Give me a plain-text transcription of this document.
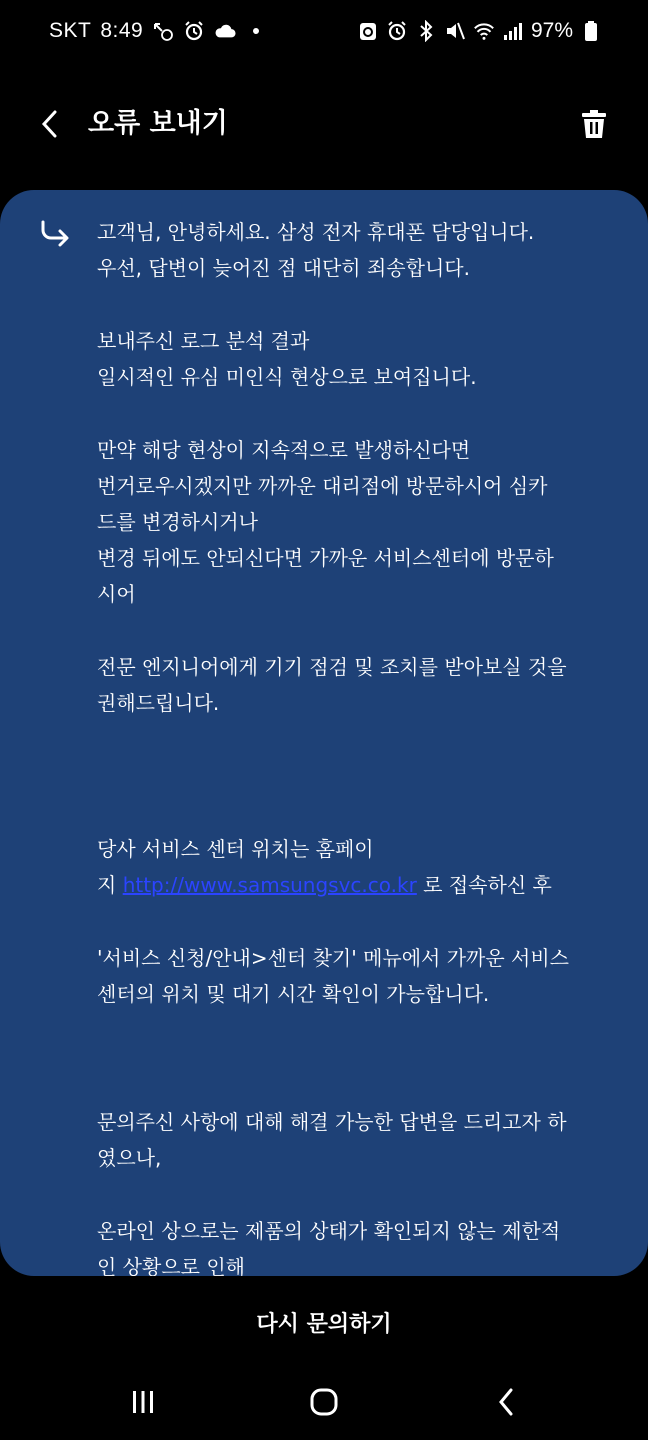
SKT 8:49	97%
오류 보내기
고객님, 안녕하세요. 삼성 전자 휴대폰 담당입니다.
우선, 답변이 늦어진 점 대단히 죄송합니다.
보내주신 로그 분석 결과
일시적인 유심 미인식 현상으로 보여집니다.
만약 해당 현상이 지속적으로 발생하신다면
번거로우시겠지만 까까운 대리점에 방문하시어 심카
드를 변경하시거나
변경 뒤에도 안되신다면 가까운 서비스센터에 방문하
시어
전문 엔지니어에게 기기 점검 및 조치를 받아보실 것을
권해드립니다.
당사 서비스 센터 위치는 홈페이
지 http://www.samsungsvc.co.kr 로 접속하신 후
'서비스 신청/안내>센터 찾기' 메뉴에서 가까운 서비스
센터의 위치 및 대기 시간 확인이 가능합니다.
문의주신 사항에 대해 해결 가능한 답변을 드리고자 하
였으나,
온라인 상으로는 제품의 상태가 확인되지 않는 제한적
인 상황으로 인해
다시 문의하기
